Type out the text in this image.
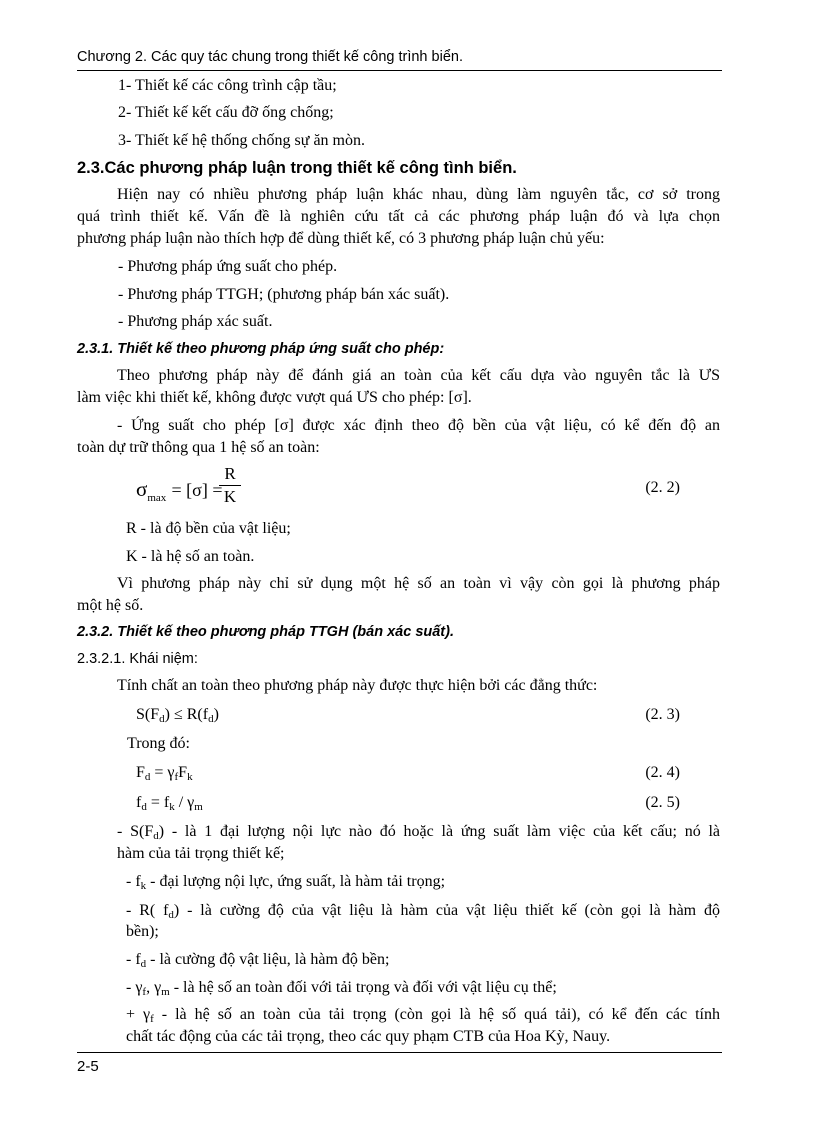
Chương 2. Các quy tác chung trong thiết kế công trình biển.
1- Thiết kế các công trình cập tầu;
2- Thiết kế kết cấu đỡ ống chống;
3- Thiết kế hệ thống chống sự ăn mòn.
2.3.Các phương pháp luận trong thiết kế công tình biển.
Hiện nay có nhiều phương pháp luận khác nhau, dùng làm nguyên tắc, cơ sở trong
quá trình thiết kế. Vấn đề là nghiên cứu tất cả các phương pháp luận đó và lựa chọn
phương pháp luận nào thích hợp để dùng thiết kế, có 3 phương pháp luận chủ yếu:
- Phương pháp ứng suất cho phép.
- Phương pháp TTGH; (phương pháp bán xác suất).
- Phương pháp xác suất.
2.3.1. Thiết kế theo phương pháp ứng suất cho phép:
Theo phương pháp này để đánh giá an toàn của kết cấu dựa vào nguyên tắc là ƯS
làm việc khi thiết kế, không được vượt quá ƯS cho phép: [σ].
- Ứng suất cho phép [σ] được xác định theo độ bền của vật liệu, có kể đến độ an
toàn dự trữ thông qua 1 hệ số an toàn:
$\sigma_{max} = [\sigma]$ =
R
K	(2. 2)
R - là độ bền của vật liệu;
K - là hệ số an toàn.
Vì phương pháp này chỉ sử dụng một hệ số an toàn vì vậy còn gọi là phương pháp
một hệ số.
2.3.2. Thiết kế theo phương pháp TTGH (bán xác suất).
2.3.2.1. Khái niệm:
Tính chất an toàn theo phương pháp này được thực hiện bởi các đẳng thức:
$S(F_d) \le R(f_d)$	(2. 3)
Trong đó:
$F_d = \gamma_fF_k$	(2. 4)
$f_d = f_k / \gamma_m$	(2. 5)
- $S(F_d)$ - là 1 đại lượng nội lực nào đó hoặc là ứng suất làm việc của kết cấu; nó là
hàm của tải trọng thiết kế;
- $f_k$ - đại lượng nội lực, ứng suất, là hàm tải trọng;
- R( $f_d$) - là cường độ của vật liệu là hàm của vật liệu thiết kế (còn gọi là hàm độ
bền);
- $f_d$ - là cường độ vật liệu, là hàm độ bền;
- $\gamma_f$, $\gamma_m$ - là hệ số an toàn đối với tải trọng và đối với vật liệu cụ thể;
+ $\gamma_f$ - là hệ số an toàn của tải trọng (còn gọi là hệ số quá tải), có kể đến các tính
chất tác động của các tải trọng, theo các quy phạm CTB của Hoa Kỳ, Nauy.
2-5
